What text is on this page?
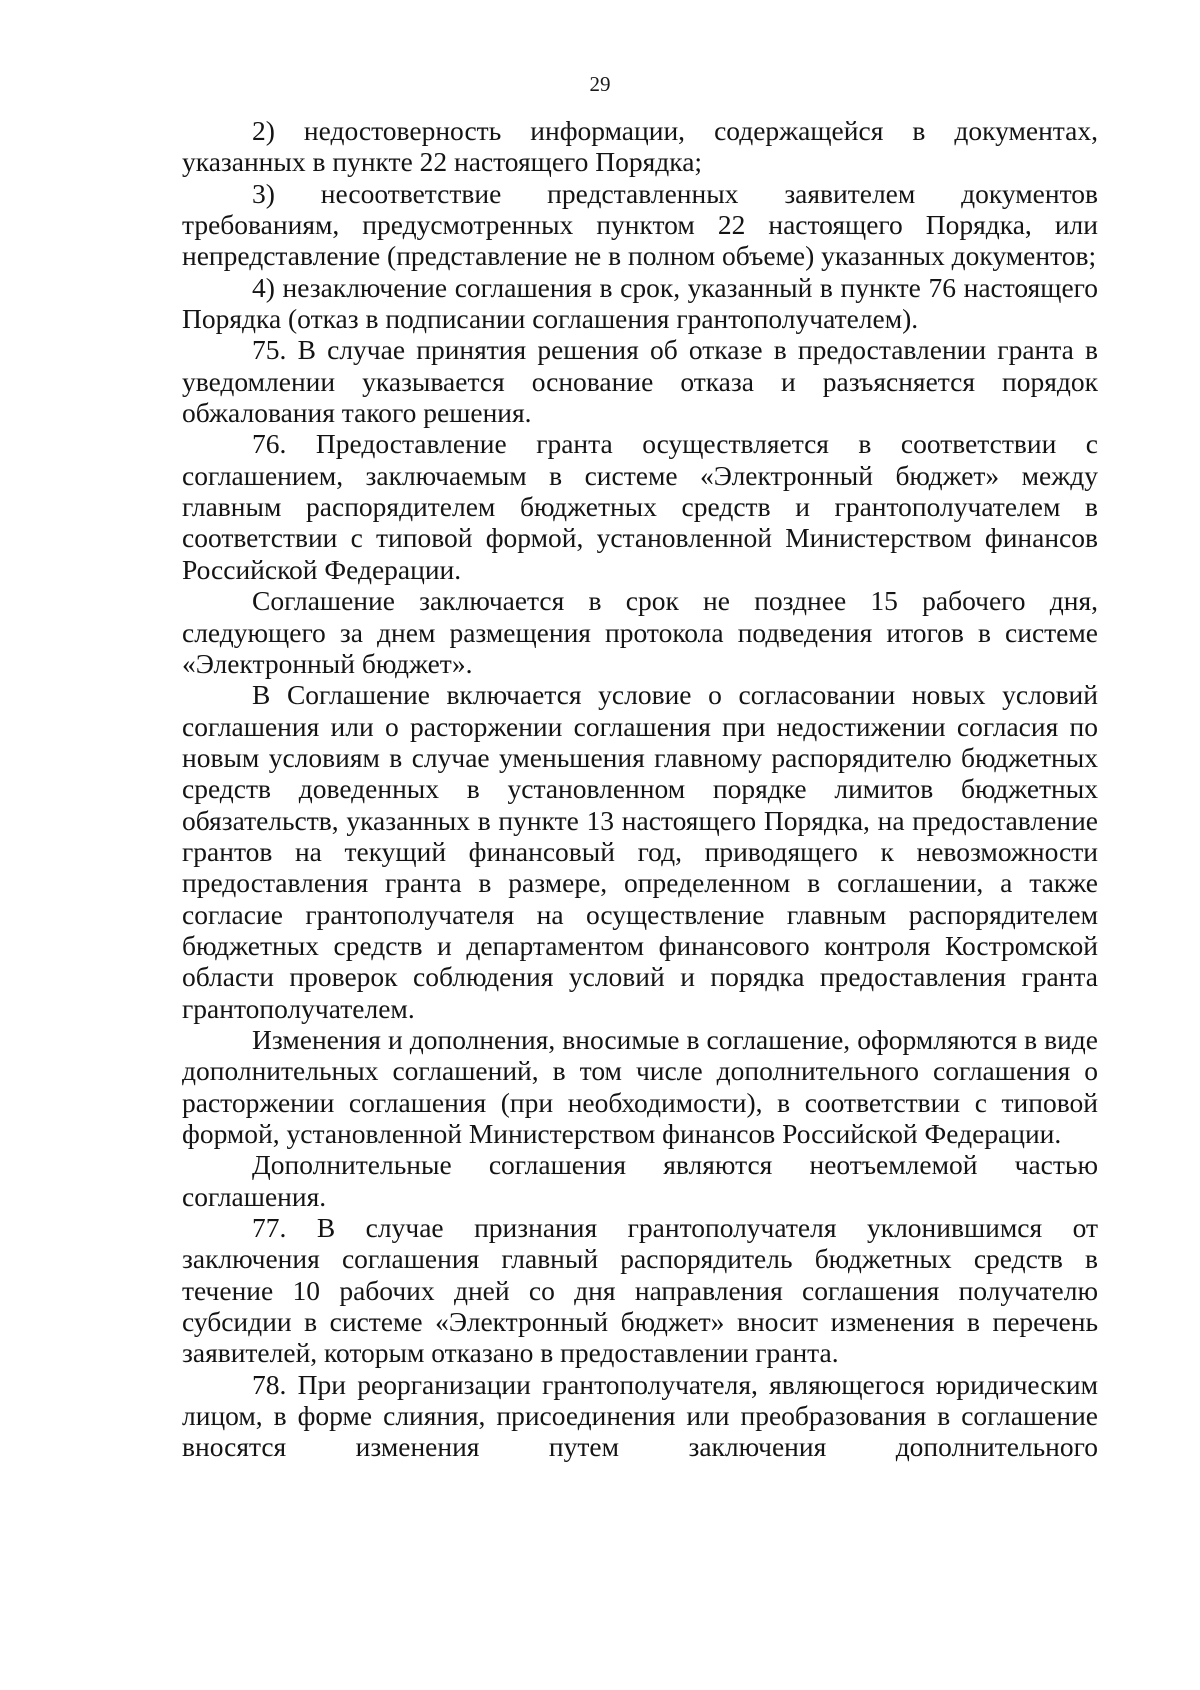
29

2) недостоверность информации, содержащейся в документах, указанных в пункте 22 настоящего Порядка;

3) несоответствие представленных заявителем документов требованиям, предусмотренных пунктом 22 настоящего Порядка, или непредставление (представление не в полном объеме) указанных документов;

4) незаключение соглашения в срок, указанный в пункте 76 настоящего Порядка (отказ в подписании соглашения грантополучателем).

75. В случае принятия решения об отказе в предоставлении гранта в уведомлении указывается основание отказа и разъясняется порядок обжалования такого решения.

76. Предоставление гранта осуществляется в соответствии с соглашением, заключаемым в системе «Электронный бюджет» между главным распорядителем бюджетных средств и грантополучателем в соответствии с типовой формой, установленной Министерством финансов Российской Федерации.

Соглашение заключается в срок не позднее 15 рабочего дня, следующего за днем размещения протокола подведения итогов в системе «Электронный бюджет».

В Соглашение включается условие о согласовании новых условий соглашения или о расторжении соглашения при недостижении согласия по новым условиям в случае уменьшения главному распорядителю бюджетных средств доведенных в установленном порядке лимитов бюджетных обязательств, указанных в пункте 13 настоящего Порядка, на предоставление грантов на текущий финансовый год, приводящего к невозможности предоставления гранта в размере, определенном в соглашении, а также согласие грантополучателя на осуществление главным распорядителем бюджетных средств и департаментом финансового контроля Костромской области проверок соблюдения условий и порядка предоставления гранта грантополучателем.

Изменения и дополнения, вносимые в соглашение, оформляются в виде дополнительных соглашений, в том числе дополнительного соглашения о расторжении соглашения (при необходимости), в соответствии с типовой формой, установленной Министерством финансов Российской Федерации.

Дополнительные соглашения являются неотъемлемой частью соглашения.

77. В случае признания грантополучателя уклонившимся от заключения соглашения главный распорядитель бюджетных средств в течение 10 рабочих дней со дня направления соглашения получателю субсидии в системе «Электронный бюджет» вносит изменения в перечень заявителей, которым отказано в предоставлении гранта.

78. При реорганизации грантополучателя, являющегося юридическим лицом, в форме слияния, присоединения или преобразования в соглашение вносятся изменения путем заключения дополнительного
